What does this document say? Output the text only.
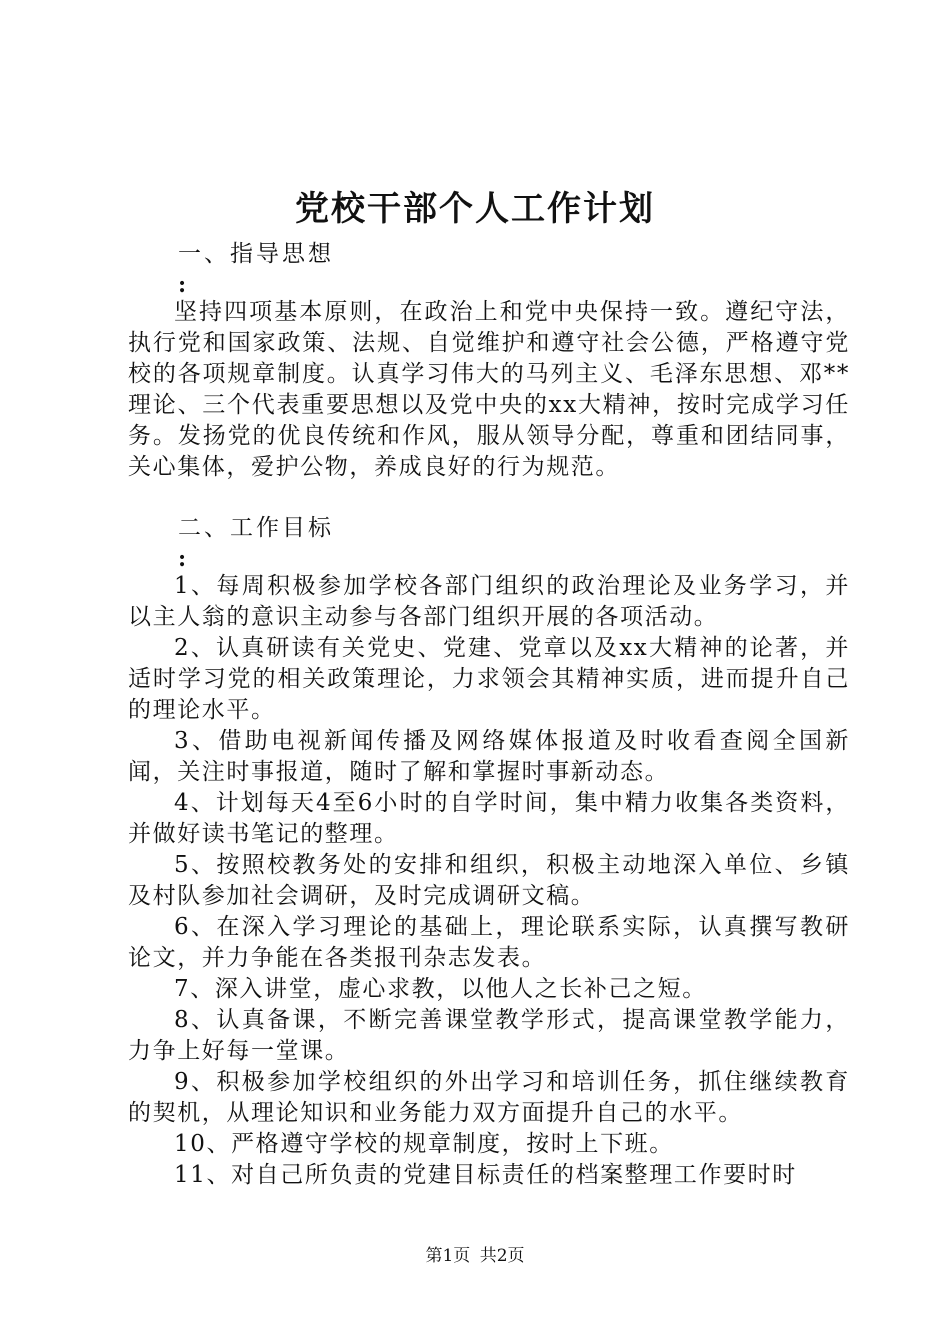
党校干部个人工作计划
一、指导思想
:

坚持四项基本原则，在政治上和党中央保持一致。遵纪守法，执行党和国家政策、法规、自觉维护和遵守社会公德，严格遵守党校的各项规章制度。认真学习伟大的马列主义、毛泽东思想、邓**理论、三个代表重要思想以及党中央的xx大精神，按时完成学习任务。发扬党的优良传统和作风，服从领导分配，尊重和团结同事，关心集体，爱护公物，养成良好的行为规范。

二、工作目标
:

1、每周积极参加学校各部门组织的政治理论及业务学习，并以主人翁的意识主动参与各部门组织开展的各项活动。

2、认真研读有关党史、党建、党章以及xx大精神的论著，并适时学习党的相关政策理论，力求领会其精神实质，进而提升自己的理论水平。

3、借助电视新闻传播及网络媒体报道及时收看查阅全国新闻，关注时事报道，随时了解和掌握时事新动态。

4、计划每天4至6小时的自学时间，集中精力收集各类资料，并做好读书笔记的整理。

5、按照校教务处的安排和组织，积极主动地深入单位、乡镇及村队参加社会调研，及时完成调研文稿。

6、在深入学习理论的基础上，理论联系实际，认真撰写教研论文，并力争能在各类报刊杂志发表。

7、深入讲堂，虚心求教，以他人之长补己之短。

8、认真备课，不断完善课堂教学形式，提高课堂教学能力，力争上好每一堂课。

9、积极参加学校组织的外出学习和培训任务，抓住继续教育的契机，从理论知识和业务能力双方面提升自己的水平。

10、严格遵守学校的规章制度，按时上下班。

11、对自己所负责的党建目标责任的档案整理工作要时时

第1页 共2页
